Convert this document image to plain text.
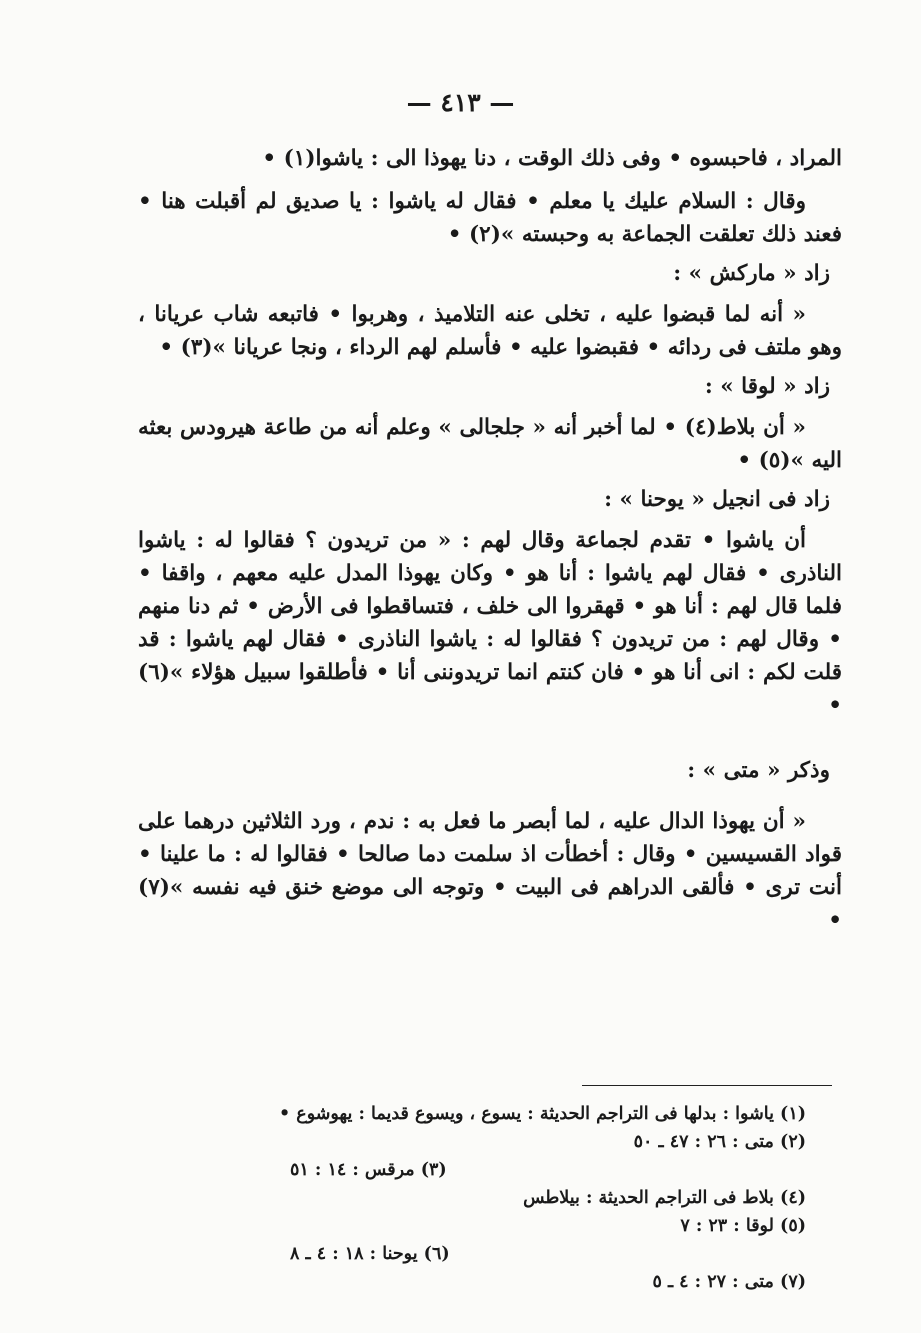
— ٤١٣ —

المراد ، فاحبسوه • وفى ذلك الوقت ، دنا يهوذا الى : ياشوا(١) •

وقال : السلام عليك يا معلم • فقال له ياشوا : يا صديق لم أقبلت هنا • فعند ذلك تعلقت الجماعة به وحبسته »(٢) •

زاد « ماركش » :

« أنه لما قبضوا عليه ، تخلى عنه التلاميذ ، وهربوا • فاتبعه شاب عريانا ، وهو ملتف فى ردائه • فقبضوا عليه • فأسلم لهم الرداء ، ونجا عريانا »(٣) •

زاد « لوقا » :

« أن بلاط(٤) • لما أخبر أنه « جلجالى » وعلم أنه من طاعة هيرودس بعثه اليه »(٥) •

زاد فى انجيل « يوحنا » :

أن ياشوا • تقدم لجماعة وقال لهم : « من تريدون ؟ فقالوا له : ياشوا الناذرى • فقال لهم ياشوا : أنا هو • وكان يهوذا المدل عليه معهم ، واقفا • فلما قال لهم : أنا هو • قهقروا الى خلف ، فتساقطوا فى الأرض • ثم دنا منهم • وقال لهم : من تريدون ؟ فقالوا له : ياشوا الناذرى • فقال لهم ياشوا : قد قلت لكم : انى أنا هو • فان كنتم انما تريدوننى أنا • فأطلقوا سبيل هؤلاء »(٦) •

وذكر « متى » :

« أن يهوذا الدال عليه ، لما أبصر ما فعل به : ندم ، ورد الثلاثين درهما على قواد القسيسين • وقال : أخطأت اذ سلمت دما صالحا • فقالوا له : ما علينا • أنت ترى • فألقى الدراهم فى البيت • وتوجه الى موضع خنق فيه نفسه »(٧) •

(١) ياشوا : بدلها فى التراجم الحديثة : يسوع ، ويسوع قديما : يهوشوع •
(٢) متى : ٢٦ : ٤٧ ـ ٥٠
(٣) مرقس : ١٤ : ٥١
(٤) بلاط فى التراجم الحديثة : بيلاطس
(٥) لوقا : ٢٣ : ٧
(٦) يوحنا : ١٨ : ٤ ـ ٨
(٧) متى : ٢٧ : ٤ ـ ٥
